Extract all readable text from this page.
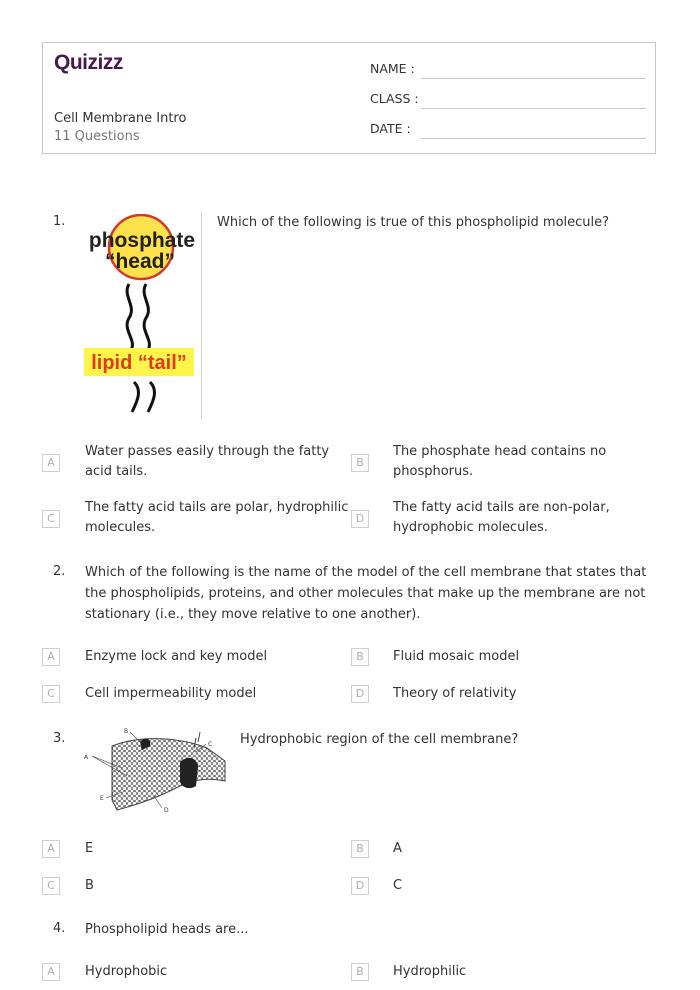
Quizizz
Cell Membrane Intro
11 Questions
NAME :
CLASS :
DATE :
1.
phosphate
“head”
lipid “tail”
Which of the following is true of this phospholipid molecule?
A
Water passes easily through the fatty acid tails.
B
The phosphate head contains no phosphorus.
C
The fatty acid tails are polar, hydrophilic molecules.
D
The fatty acid tails are non-polar, hydrophobic molecules.
2. Which of the following is the name of the model of the cell membrane that states that the phospholipids, proteins, and other molecules that make up the membrane are not stationary (i.e., they move relative to one another).
A	Enzyme lock and key model	B	Fluid mosaic model
C	Cell impermeability model	D	Theory of relativity
3.
A
B
C
D
E
Hydrophobic region of the cell membrane?
A	E	B	A
C	B	D	C
4. Phospholipid heads are...
A	Hydrophobic	B	Hydrophilic
